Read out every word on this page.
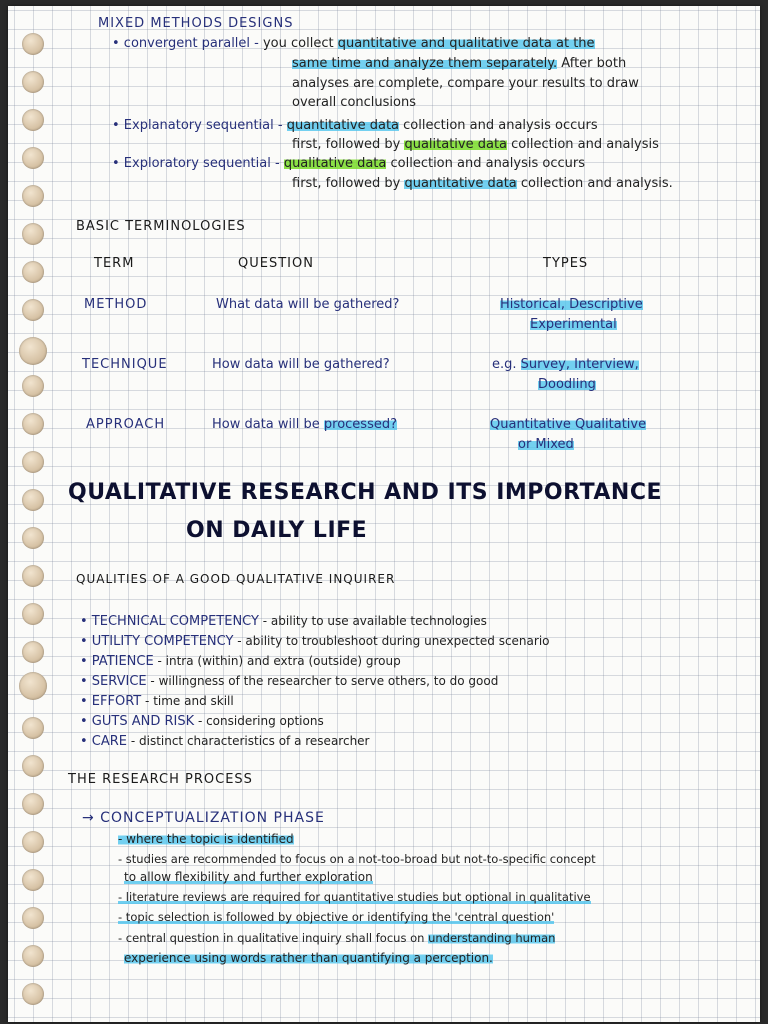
MIXED METHODS DESIGNS
• convergent parallel - you collect quantitative and qualitative data at the
same time and analyze them separately. After both
analyses are complete, compare your results to draw
overall conclusions
• Explanatory sequential - quantitative data collection and analysis occurs
first, followed by qualitative data collection and analysis
• Exploratory sequential - qualitative data collection and analysis occurs
first, followed by quantitative data collection and analysis.
BASIC TERMINOLOGIES
TERM	QUESTION	TYPES
METHOD	What data will be gathered?	Historical, Descriptive
Experimental
TECHNIQUE	How data will be gathered?	e.g. Survey, Interview,
Doodling
APPROACH	How data will be processed?	Quantitative Qualitative
or Mixed
QUALITATIVE RESEARCH AND ITS IMPORTANCE
ON DAILY LIFE
QUALITIES OF A GOOD QUALITATIVE INQUIRER
• TECHNICAL COMPETENCY - ability to use available technologies
• UTILITY COMPETENCY - ability to troubleshoot during unexpected scenario
• PATIENCE - intra (within) and extra (outside) group
• SERVICE - willingness of the researcher to serve others, to do good
• EFFORT - time and skill
• GUTS AND RISK - considering options
• CARE - distinct characteristics of a researcher
THE RESEARCH PROCESS
→ CONCEPTUALIZATION PHASE
- where the topic is identified
- studies are recommended to focus on a not-too-broad but not-to-specific concept
to allow flexibility and further exploration
- literature reviews are required for quantitative studies but optional in qualitative
- topic selection is followed by objective or identifying the 'central question'
- central question in qualitative inquiry shall focus on understanding human
experience using words rather than quantifying a perception.
